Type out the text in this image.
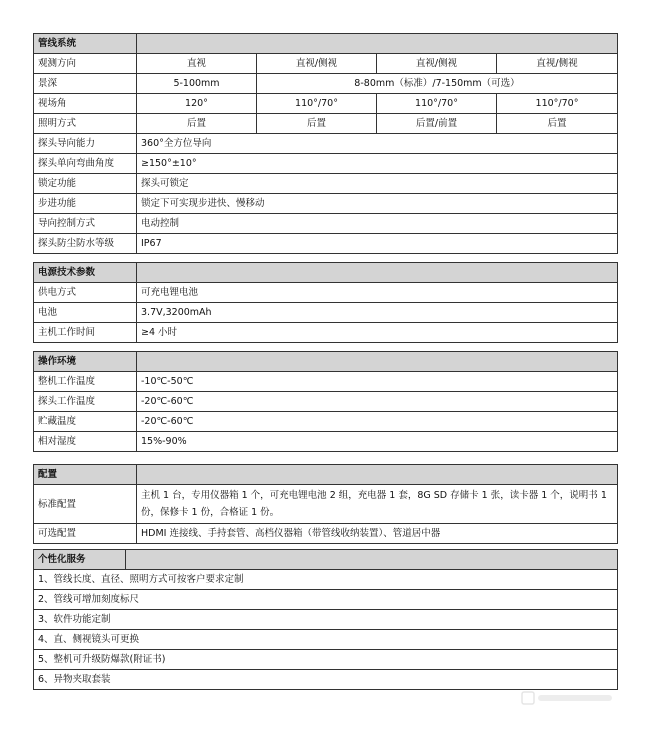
管线系统				
观测方向	直视	直视/侧视	直视/侧视	直视/侧视
景深	5-100mm	8-80mm（标准）/7-150mm（可选）		
视场角	120°	110°/70°	110°/70°	110°/70°
照明方式	后置	后置	后置/前置	后置
探头导向能力	360°全方位导向			
探头单向弯曲角度	≥150°±10°			
锁定功能	探头可锁定			
步进功能	锁定下可实现步进快、慢移动			
导向控制方式	电动控制			
探头防尘防水等级	IP67			
电源技术参数	
供电方式	可充电锂电池
电池	3.7V,3200mAh
主机工作时间	≥4 小时
操作环境	
整机工作温度	-10℃-50℃
探头工作温度	-20℃-60℃
贮藏温度	-20℃-60℃
相对湿度	15%-90%
配置	
标准配置	主机 1 台，专用仪器箱 1 个，可充电锂电池 2 组，充电器 1 套，8G SD 存储卡 1 张，读卡器 1 个，说明书 1 份，保修卡 1 份，合格证 1 份。
可选配置	HDMI 连接线、手持套管、高档仪器箱（带管线收纳装置）、管道居中器
个性化服务	
1、管线长度、直径、照明方式可按客户要求定制
2、管线可增加刻度标尺
3、软件功能定制
4、直、侧视镜头可更换
5、整机可升级防爆款(附证书)
6、异物夹取套装
